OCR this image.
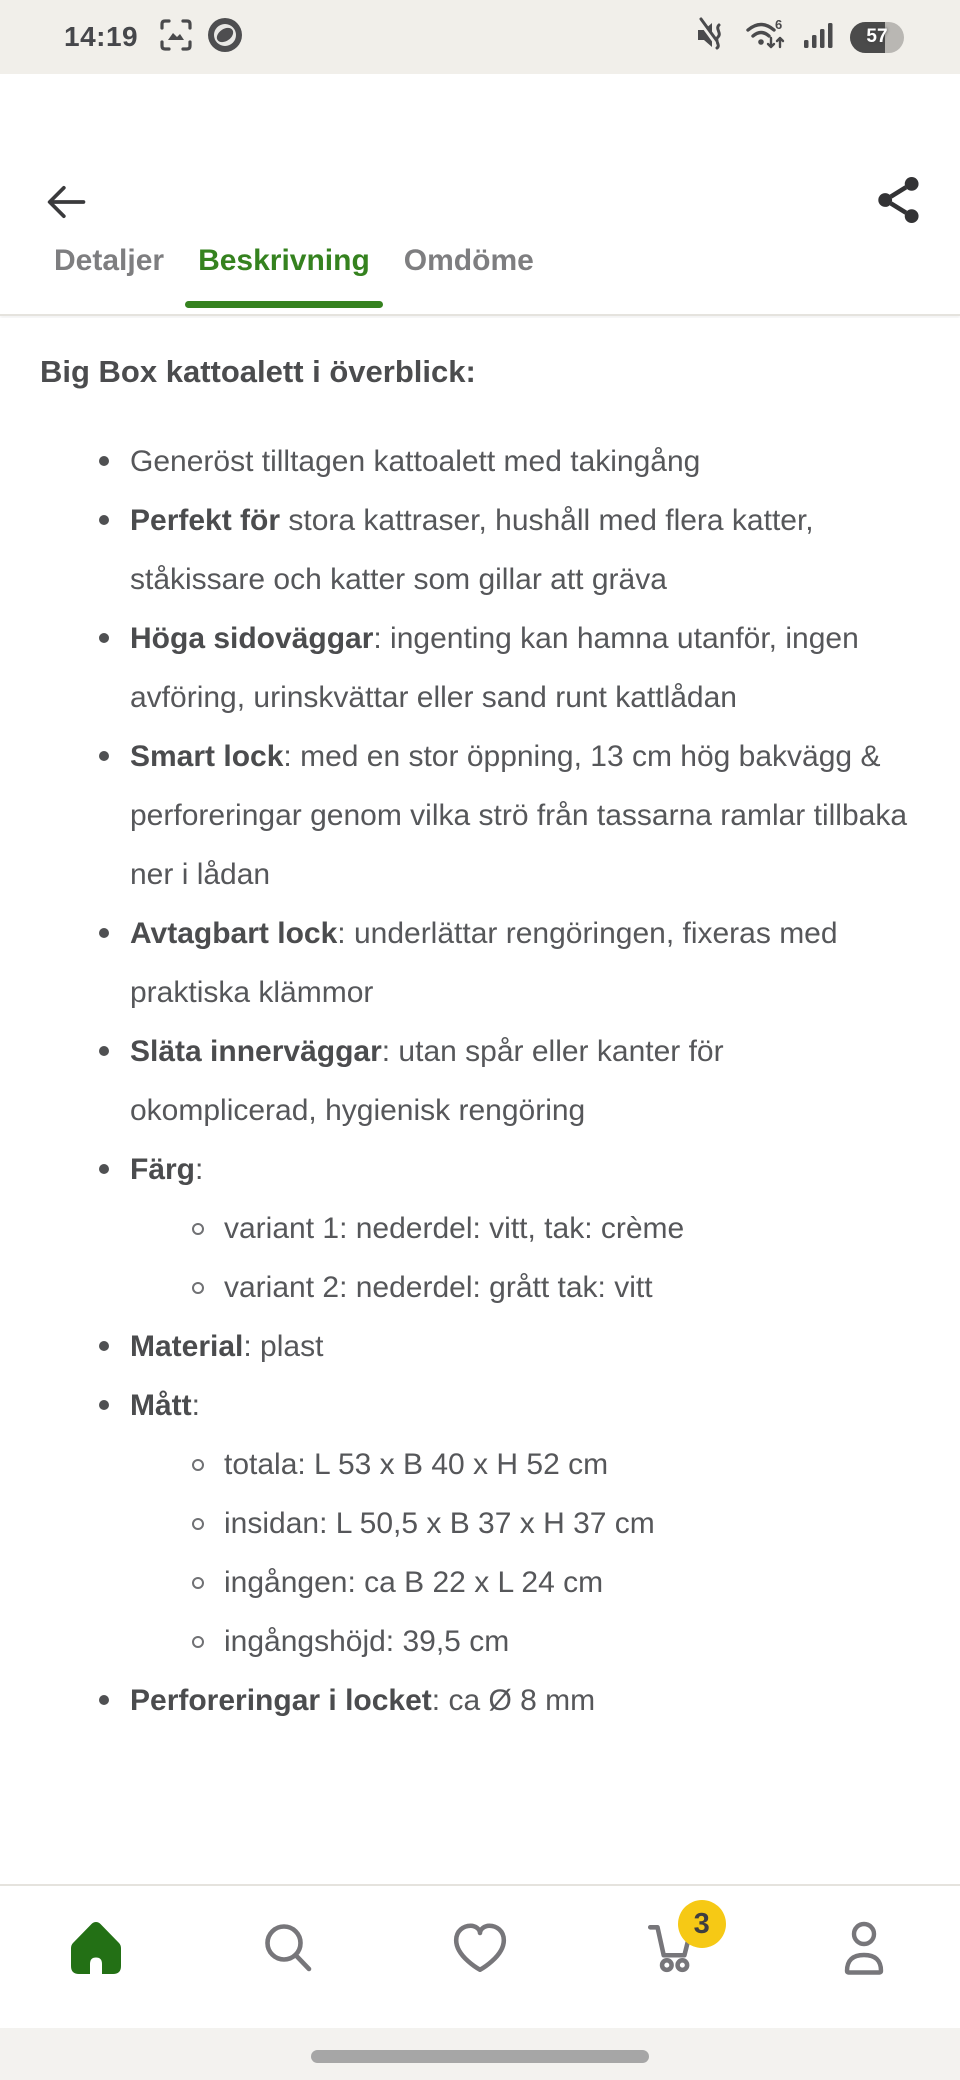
14:19	6
57
Detaljer Beskrivning Omdöme
Big Box kattoalett i överblick:

Generöst tilltagen kattoalett med takingång

Perfekt för stora kattraser, hushåll med flera katter, ståkissare och katter som gillar att gräva

Höga sidoväggar: ingenting kan hamna utanför, ingen avföring, urinskvättar eller sand runt kattlådan

Smart lock: med en stor öppning, 13 cm hög bakvägg & perforeringar genom vilka strö från tassarna ramlar tillbaka ner i lådan

Avtagbart lock: underlättar rengöringen, fixeras med praktiska klämmor

Släta innerväggar: utan spår eller kanter för okomplicerad, hygienisk rengöring

Färg:

variant 1: nederdel: vitt, tak: crème

variant 2: nederdel: grått tak: vitt

Material: plast

Mått:

totala: L 53 x B 40 x H 52 cm

insidan: L 50,5 x B 37 x H 37 cm

ingången: ca B 22 x L 24 cm

ingångshöjd: 39,5 cm

Perforeringar i locket: ca Ø 8 mm

3
